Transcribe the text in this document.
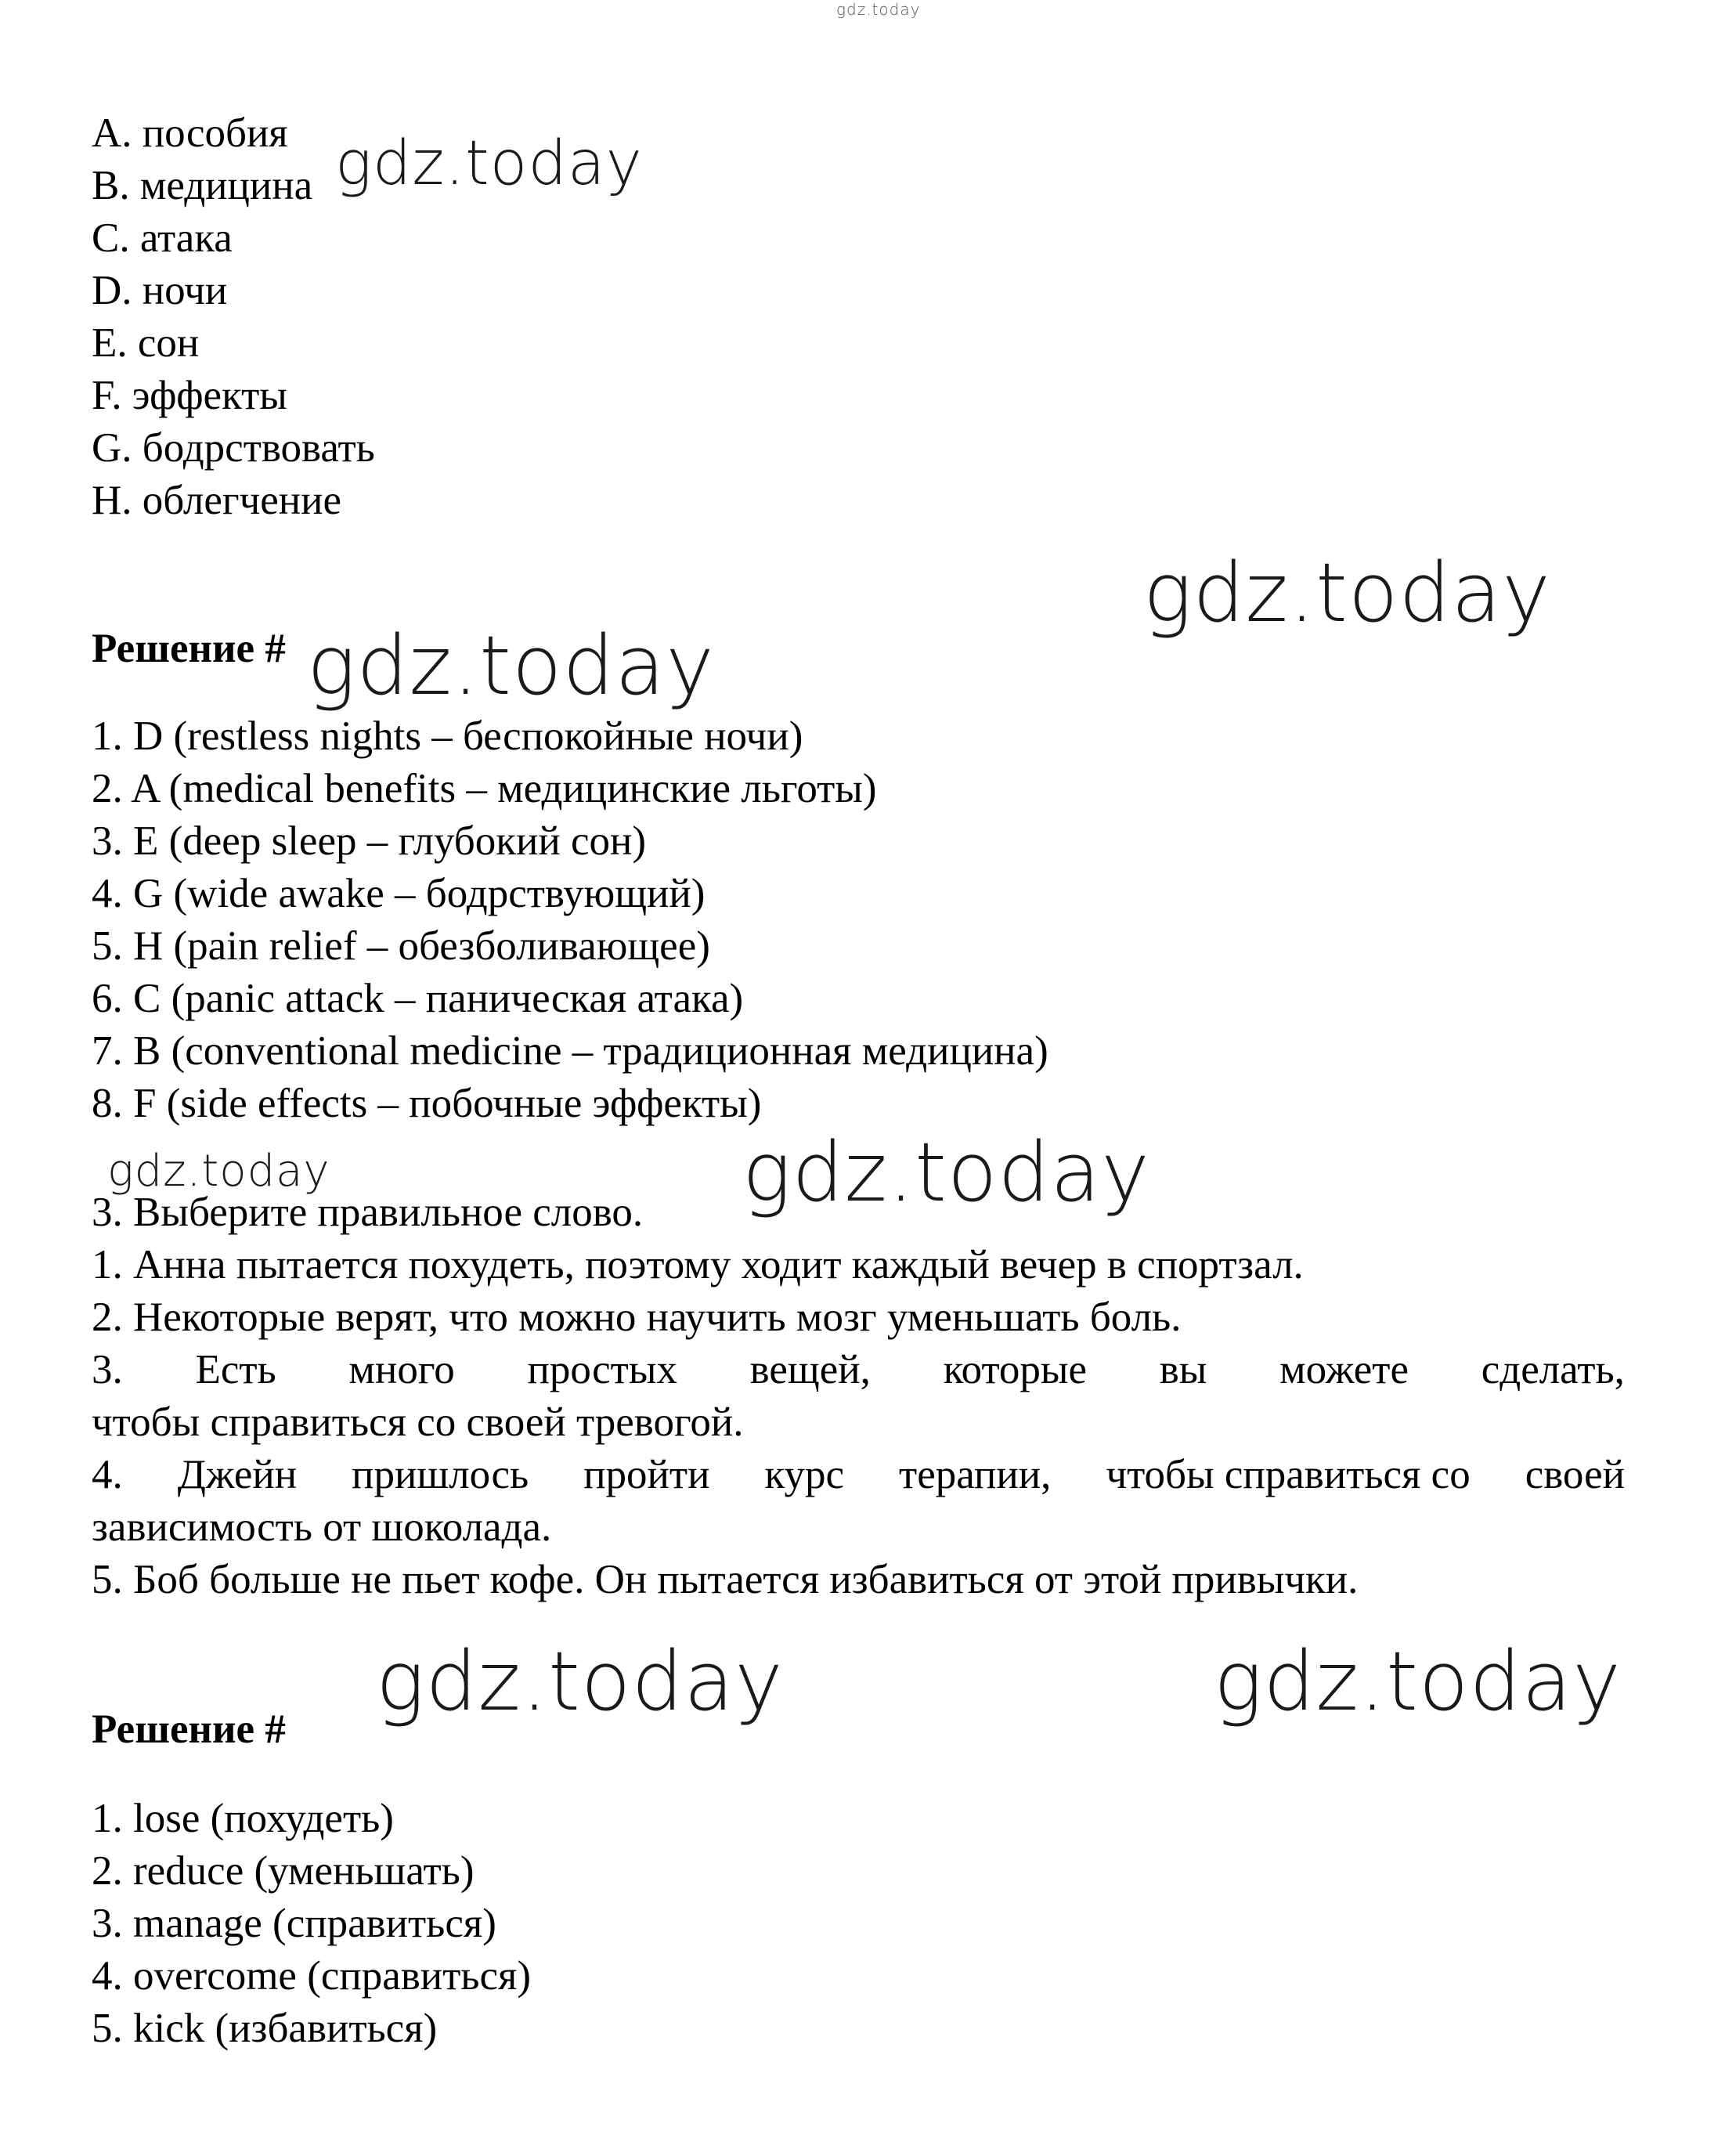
gdz.today
A. пособия
B. медицина
C. атака
D. ночи
E. сон
F. эффекты
G. бодрствовать
H. облегчение
gdz.today
gdz.today
Решение # gdz.today
1. D (restless nights – беспокойные ночи)
2. A (medical benefits – медицинские льготы)
3. E (deep sleep – глубокий сон)
4. G (wide awake – бодрствующий)
5. H (pain relief – обезболивающее)
6. C (panic attack – паническая атака)
7. B (conventional medicine – традиционная медицина)
8. F (side effects – побочные эффекты)
gdz.today	gdz.today
3. Выберите правильное слово.
1. Анна пытается похудеть, поэтому ходит каждый вечер в спортзал.
2. Некоторые верят, что можно научить мозг уменьшать боль.
3. Есть много простых вещей, которые вы можете сделать,
чтобы справиться со своей тревогой.
4. Джейн пришлось пройти курс терапии, чтобы справиться со своей
зависимость от шоколада.
5. Боб больше не пьет кофе. Он пытается избавиться от этой привычки.
gdz.today	gdz.today
Решение #
1. lose (похудеть)
2. reduce (уменьшать)
3. manage (справиться)
4. overcome (справиться)
5. kick (избавиться)
